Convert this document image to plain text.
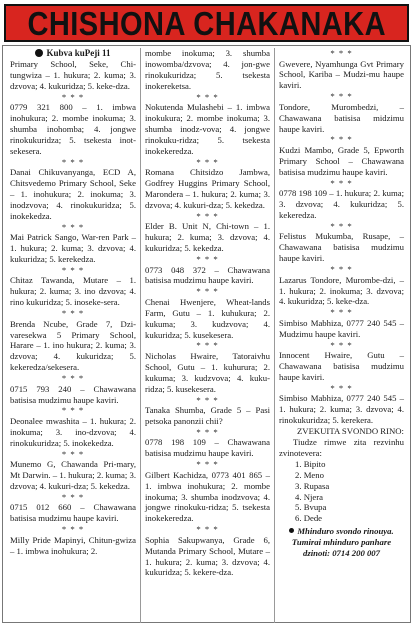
CHISHONA CHAKANAKA

Kubva kuPeji 11

Primary School, Seke, Chi-tungwiza – 1. hukura; 2. kuma; 3. dzvova; 4. kukuridza; 5. keke-dza.

* * *

0779 321 800 – 1. imbwa inohukura; 2. mombe inokuma; 3. shumba inohomba; 4. jongwe rinokukuridza; 5. tsekesta inot-sekesera.

* * *

Danai Chikuvanyanga, ECD A, Chitsvedemo Primary School, Seke – 1. inohukura; 2. inokuma; 3. inodzvova; 4. rinokukuridza; 5. inokekedza.

* * *

Mai Patrick Sango, War-ren Park – 1. hukura; 2. kuma; 3. dzvova; 4. kukuridza; 5. kerekedza.

* * *

Chitaz Tawanda, Mutare – 1. hukura; 2. kuma; 3. ino dzvova; 4. rino kukuridza; 5. inoseke-sera.

* * *

Brenda Ncube, Grade 7, Dzi-varesekwa 5 Primary School, Harare – 1. ino hukura; 2. kuma; 3. dzvova; 4. kukuridza; 5. kekeredza/sekesera.

* * *

0715 793 240 – Chawawana batisisa mudzimu haupe kaviri.

* * *

Deonalee mwashita – 1. hukura; 2. inokuma; 3. ino-dzvova; 4. rinokukuridza; 5. inokekedza.

* * *

Munemo G, Chawanda Pri-mary, Mt Darwin. – 1. hukura; 2. kuma; 3. dzvova; 4. kukuri-dza; 5. kekedza.

* * *

0715 012 660 – Chawawana batisisa mudzimu haupe kaviri.

* * *

Milly Pride Mapinyi, Chitun-gwiza – 1. imbwa inohukura; 2.

mombe inokuma; 3. shumba inowomba/dzvova; 4. jon-gwe rinokukuridza; 5. tsekesta inokereketsa.

* * *

Nokutenda Mulashebi – 1. imbwa inokukura; 2. mombe inokuma; 3. shumba inodz-vova; 4. jongwe rinokuku-ridza; 5. tsekesta inokekeredza.

* * *

Romana Chitsidzo Jambwa, Godfrey Huggins Primary School, Marondera – 1. hukura; 2. kuma; 3. dzvova; 4. kukuri-dza; 5. kekedza.

* * *

Elder B. Unit N, Chi-town – 1. hukura; 2. kuma; 3. dzvova; 4. kukuridza; 5. kekedza.

* * *

0773 048 372 – Chawawana batisisa mudzimu haupe kaviri.

* * *

Chenai Hwenjere, Wheat-lands Farm, Gutu – 1. kuhukura; 2. kukuma; 3. kudzvova; 4. kukuridza; 5. kusekesera.

* * *

Nicholas Hwaire, Tatoraivhu School, Gutu – 1. kuhurura; 2. kukuma; 3. kudzvova; 4. kuku-ridza; 5. kusekesera.

* * *

Tanaka Shumba, Grade 5 – Pasi petsoka panonzii chii?

* * *

0778 198 109 – Chawawana batisisa mudzimu haupe kaviri.

* * *

Gilbert Kachidza, 0773 401 865 – 1. imbwa inohukura; 2. mombe inokuma; 3. shumba inodzvova; 4. jongwe rinokuku-ridza; 5. tsekesta inokekeredza.

* * *

Sophia Sakupwanya, Grade 6, Mutanda Primary School, Mutare – 1. hukura; 2. kuma; 3. dzvova; 4. kukuridza; 5. kekere-dza.

* * *

Gwevere, Nyamhunga Gvt Primary School, Kariba – Mudzi-mu haupe kaviri.

* * *

Tondore, Murombedzi, – Chawawana batisisa midzimu haupe kaviri.

* * *

Kudzi Mambo, Grade 5, Epworth Primary School – Chawawana batisisa mudzimu haupe kaviri.

* * *

0778 198 109 – 1. hukura; 2. kuma; 3. dzvova; 4. kukuridza; 5. kekeredza.

* * *

Felistus Mukumba, Rusape, – Chawawana batisisa mudzimu haupe kaviri.

* * *

Lazarus Tondore, Murombe-dzi, – 1. hukura; 2. inokuma; 3. dzvova; 4. kukuridza; 5. keke-dza.

* * *

Simbiso Mabhiza, 0777 240 545 – Mudzimu haupe kaviri.

* * *

Innocent Hwaire, Gutu – Chawawana batisisa mudzimu haupe kaviri.

* * *

Simbiso Mabhiza, 0777 240 545 – 1. hukura; 2. kuma; 3. dzvova; 4. rinokukuridza; 5. kerekera.

ZVEKUITA SVONDO RINO:

Tiudze rimwe zita rezvinhu zvinotevera:

1. Bipito

2. Meno

3. Rupasa

4. Njera

5. Bvupa

6. Dede

Mhinduro svondo rinouya.

Tumirai mhinduro panhare dzinoti: 0714 200 007
